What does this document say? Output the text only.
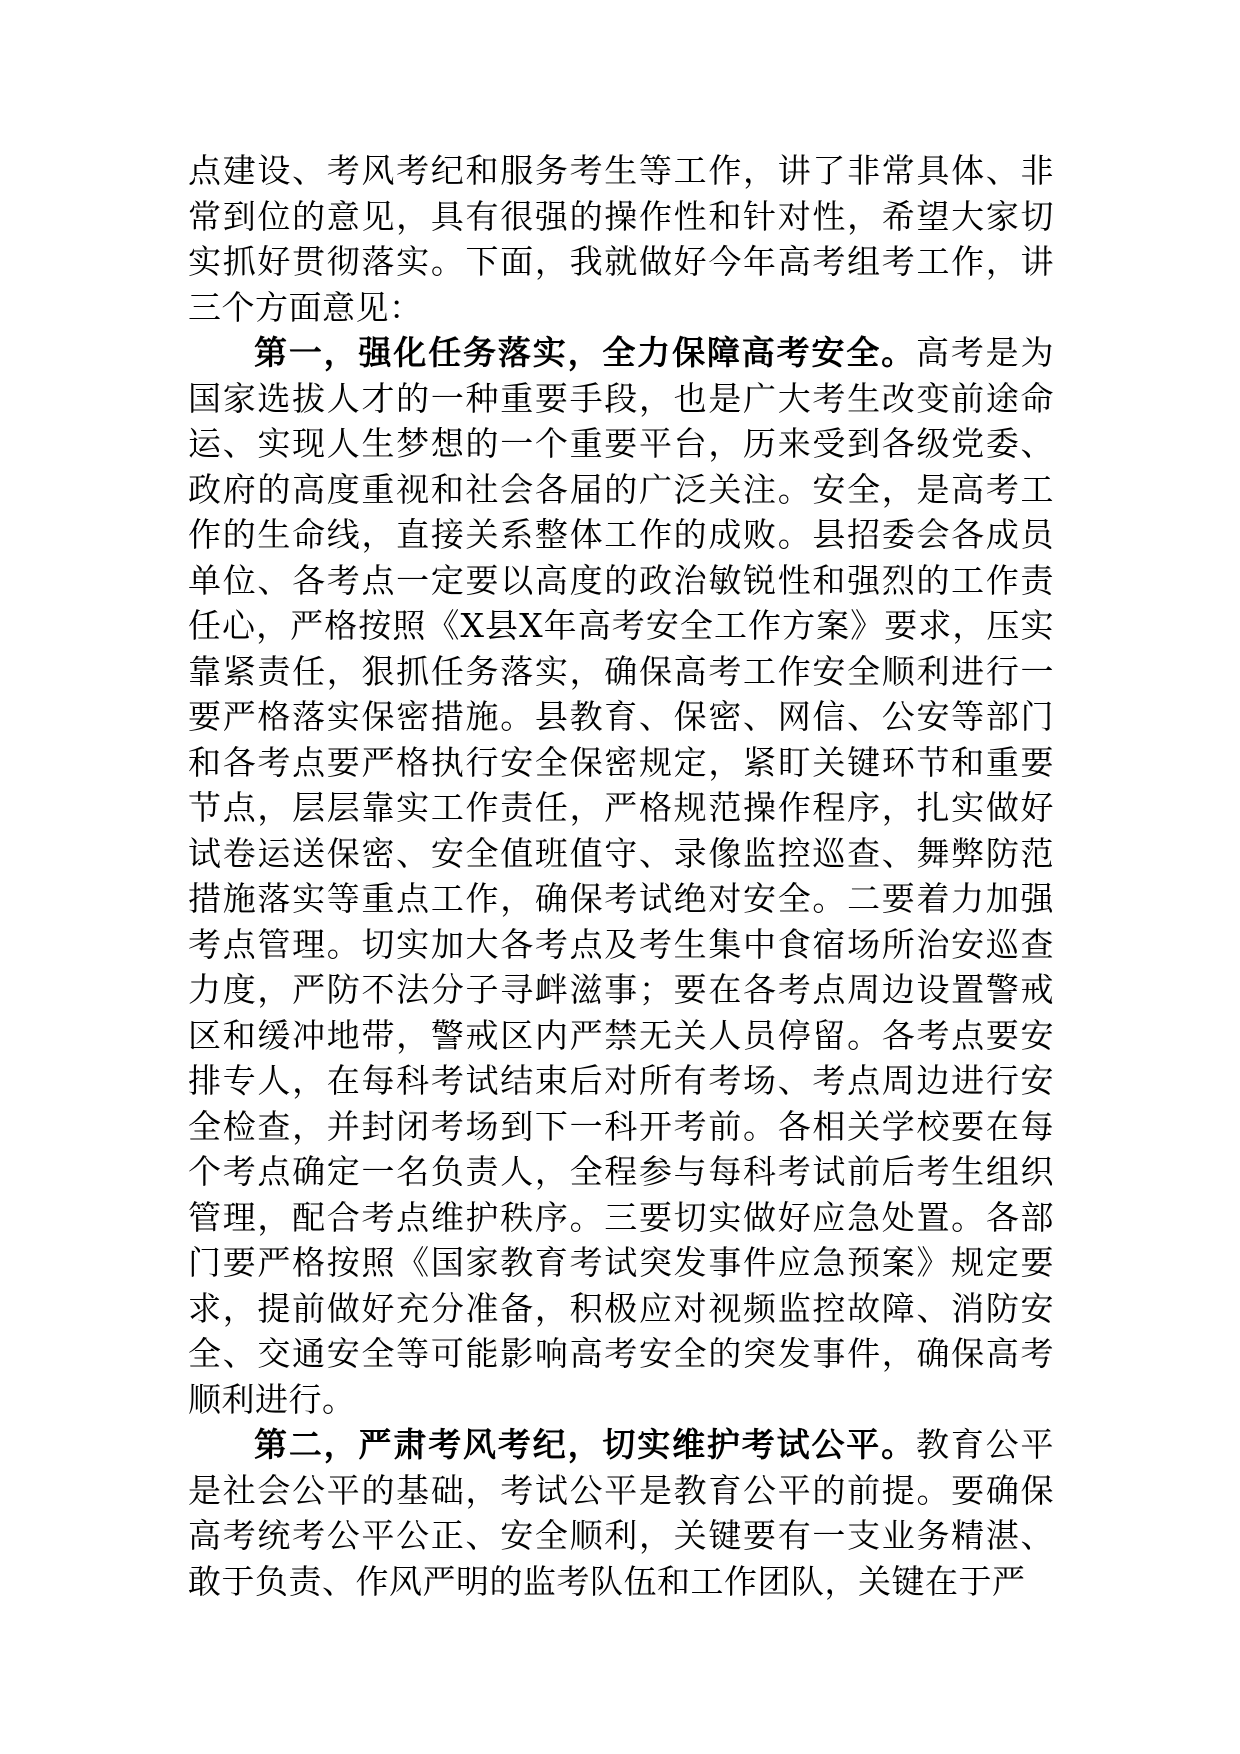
点建设、考风考纪和服务考生等工作，讲了非常具体、非常到位的意见，具有很强的操作性和针对性，希望大家切实抓好贯彻落实。下面，我就做好今年高考组考工作，讲三个方面意见：

第一，强化任务落实，全力保障高考安全。高考是为国家选拔人才的一种重要手段，也是广大考生改变前途命运、实现人生梦想的一个重要平台，历来受到各级党委、政府的高度重视和社会各届的广泛关注。安全，是高考工作的生命线，直接关系整体工作的成败。县招委会各成员单位、各考点一定要以高度的政治敏锐性和强烈的工作责任心，严格按照《X县X年高考安全工作方案》要求，压实靠紧责任，狠抓任务落实，确保高考工作安全顺利进行一要严格落实保密措施。县教育、保密、网信、公安等部门和各考点要严格执行安全保密规定，紧盯关键环节和重要节点，层层靠实工作责任，严格规范操作程序，扎实做好试卷运送保密、安全值班值守、录像监控巡查、舞弊防范措施落实等重点工作，确保考试绝对安全。二要着力加强考点管理。切实加大各考点及考生集中食宿场所治安巡查力度，严防不法分子寻衅滋事；要在各考点周边设置警戒区和缓冲地带，警戒区内严禁无关人员停留。各考点要安排专人，在每科考试结束后对所有考场、考点周边进行安全检查，并封闭考场到下一科开考前。各相关学校要在每个考点确定一名负责人，全程参与每科考试前后考生组织管理，配合考点维护秩序。三要切实做好应急处置。各部门要严格按照《国家教育考试突发事件应急预案》规定要求，提前做好充分准备，积极应对视频监控故障、消防安全、交通安全等可能影响高考安全的突发事件，确保高考顺利进行。

第二，严肃考风考纪，切实维护考试公平。教育公平是社会公平的基础，考试公平是教育公平的前提。要确保高考统考公平公正、安全顺利，关键要有一支业务精湛、敢于负责、作风严明的监考队伍和工作团队，关键在于严
